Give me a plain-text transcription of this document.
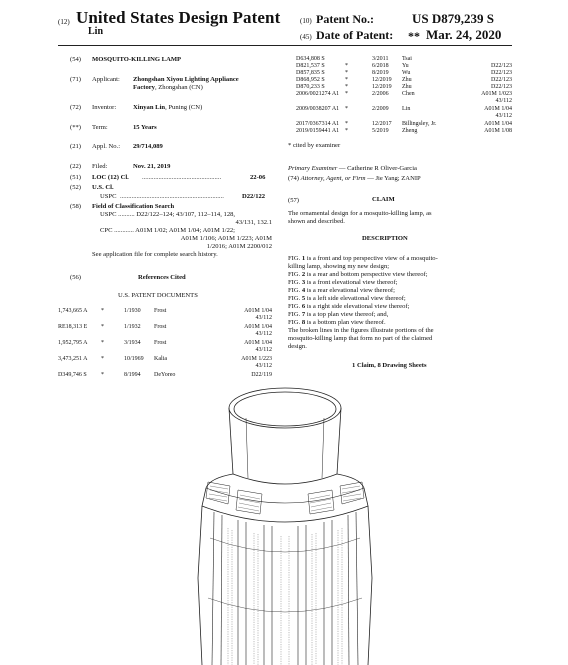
(12) United States Design Patent
Lin
(10) Patent No.:	US D879,239 S
(45) Date of Patent: ** Mar. 24, 2020
(54) MOSQUITO-KILLING LAMP
(71) Applicant: Zhongshan Xiyou Lighting Appliance
Factory, Zhongshan (CN)
(72) Inventor:	Xinyan Lin, Puning (CN)
(**) Term:	15 Years
(21) Appl. No.: 29/714,089
(22) Filed:	Nov. 21, 2019
(51) LOC (12) Cl. ................................................	22-06
(52) U.S. Cl.
USPC ...............................................................	D22/122
(58) Field of Classification Search
USPC .......... D22/122–124; 43/107, 112–114, 128,
43/131, 132.1
CPC ............ A01M 1/02; A01M 1/04; A01M 1/22;
A01M 1/106; A01M 1/223; A01M
1/2016; A01M 2200/012
See application file for complete search history.
(56)	References Cited
U.S. PATENT DOCUMENTS
1,743,665 A *	1/1930 Frost	A01M 1/04
43/112
RE18,313 E *	1/1932 Frost	A01M 1/04
43/112
1,952,795 A *	3/1934 Frost	A01M 1/04
43/112
3,473,251 A *	10/1969 Kalia	A01M 1/223
43/112
D349,746 S *	8/1994 DeYoreo	D22/119
D634,808 S	3/2011 Tsai
D821,537 S	*	6/2018 Yu	D22/123
D857,835 S	*	8/2019 Wu	D22/123
D868,952 S	*	12/2019 Zhu	D22/123
D870,233 S	*	12/2019 Zhu	D22/123
2006/0021274 A1 *	2/2006 Chen	A01M 1/023
43/112
2009/0038207 A1 *	2/2009 Lin	A01M 1/04
43/112
2017/0367314 A1 *	12/2017 Billingsley, Jr.	A01M 1/04
2019/0159441 A1 *	5/2019 Zheng	A01M 1/08
* cited by examiner
Primary Examiner — Catherine R Oliver-Garcia
(74) Attorney, Agent, or Firm — Jie Yang; ZANIP
(57)	CLAIM
The ornamental design for a mosquito-killing lamp, as
shown and described.
DESCRIPTION
FIG. 1 is a front and top perspective view of a mosquito-
killing lamp, showing my new design;
FIG. 2 is a rear and bottom perspective view thereof;
FIG. 3 is a front elevational view thereof;
FIG. 4 is a rear elevational view thereof;
FIG. 5 is a left side elevational view thereof;
FIG. 6 is a right side elevational view thereof;
FIG. 7 is a top plan view thereof; and,
FIG. 8 is a bottom plan view thereof.
The broken lines in the figures illustrate portions of the
mosquito-killing lamp that form no part of the claimed
design.
1 Claim, 8 Drawing Sheets
